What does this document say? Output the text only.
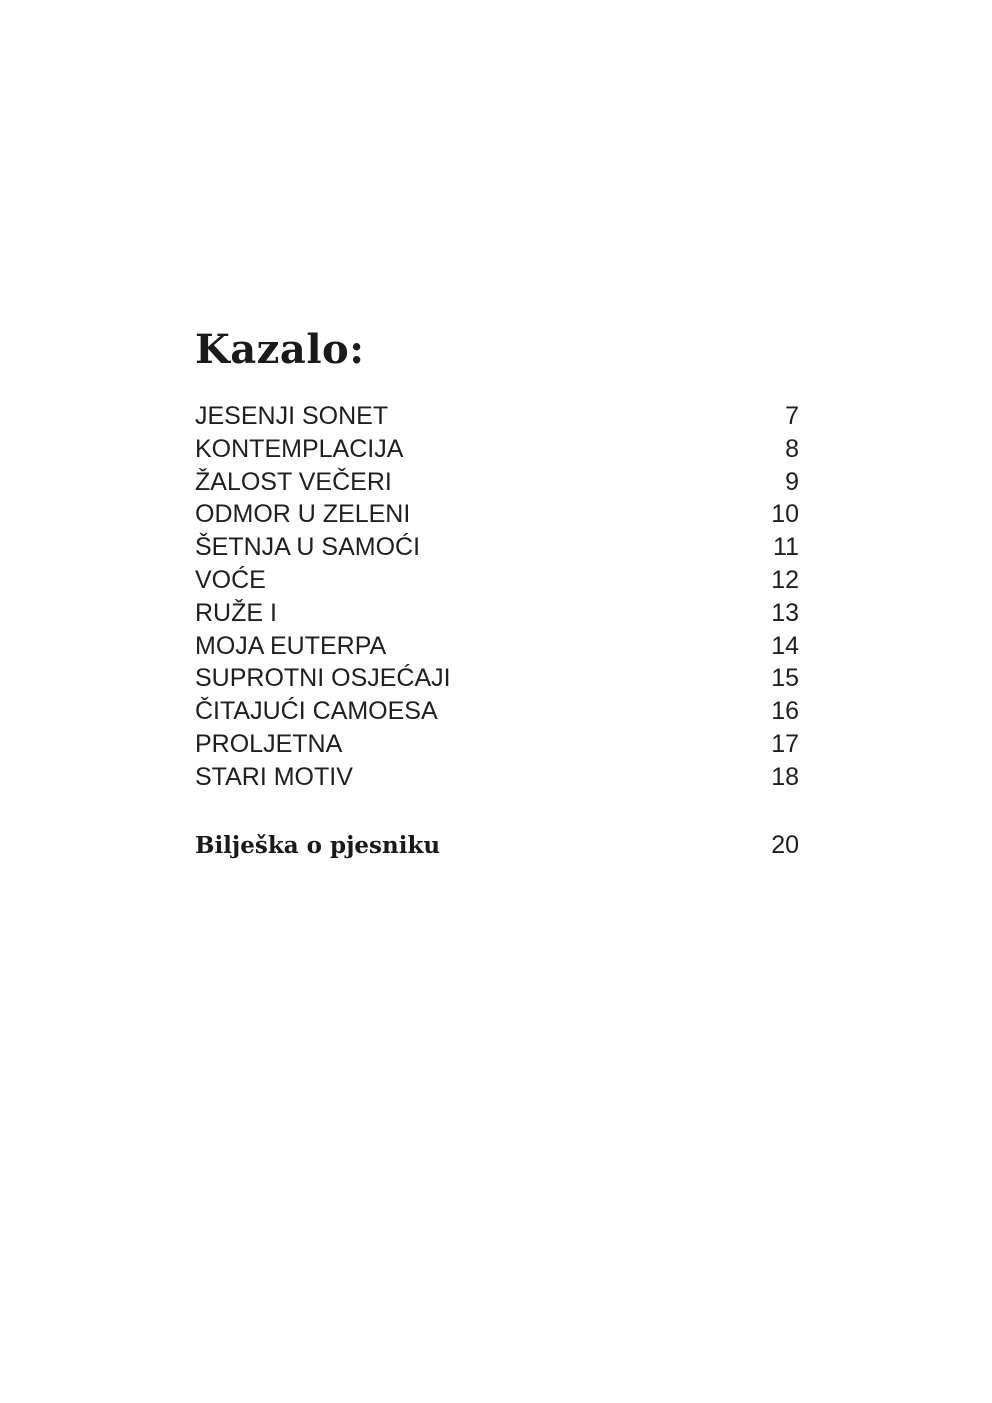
Kazalo:
JESENJI SONET	7
KONTEMPLACIJA	8
ŽALOST VEČERI	9
ODMOR U ZELENI	10
ŠETNJA U SAMOĆI	11
VOĆE	12
RUŽE I	13
MOJA EUTERPA	14
SUPROTNI OSJEĆAJI	15
ČITAJUĆI CAMOESA	16
PROLJETNA	17
STARI MOTIV	18
Bilješka o pjesniku	20
